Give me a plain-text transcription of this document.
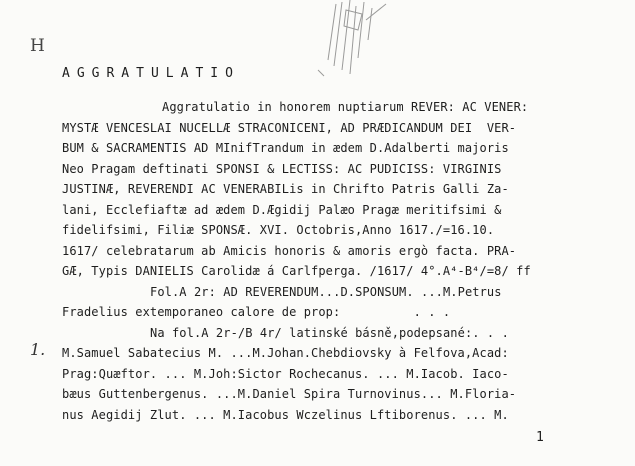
H
AGGRATULATIO
Aggratulatio in honorem nuptiarum REVER: AC VENER:
MYSTÆ VENCESLAI NUCELLÆ STRACONICENI, AD PRÆDICANDUM DEI  VER-
BUM & SACRAMENTIS AD MInifTrandum in ædem D.Adalberti majoris
Neo Pragam deftinati SPONSI & LECTISS: AC PUDICISS: VIRGINIS
JUSTINÆ, REVERENDI AC VENERABILis in Chrifto Patris Galli Za-
lani, Ecclefiaftæ ad ædem D.Ægidij Palæo Pragæ meritifsimi &
fidelifsimi, Filiæ SPONSÆ. XVI. Octobris,Anno 1617./=16.10.
1617/ celebratarum ab Amicis honoris & amoris ergò facta. PRA-
GÆ, Typis DANIELIS Carolidæ á Carlfperga. /1617/ 4°.A⁴-B⁴/=8/ ff
Fol.A 2r: AD REVERENDUM...D.SPONSUM. ...M.Petrus
Fradelius extemporaneo calore de prop:          . . .
Na fol.A 2r-/B 4r/ latinské básně,podepsané:. . .
M.Samuel Sabatecius M. ...M.Johan.Chebdiovsky à Felfova,Acad:
Prag:Quæftor. ... M.Joh:Sictor Rochecanus. ... M.Iacob. Iaco-
bæus Guttenbergenus. ...M.Daniel Spira Turnovinus... M.Floria-
nus Aegidij Zlut. ... M.Iacobus Wczelinus Lftiborenus. ... M.
1.
1
